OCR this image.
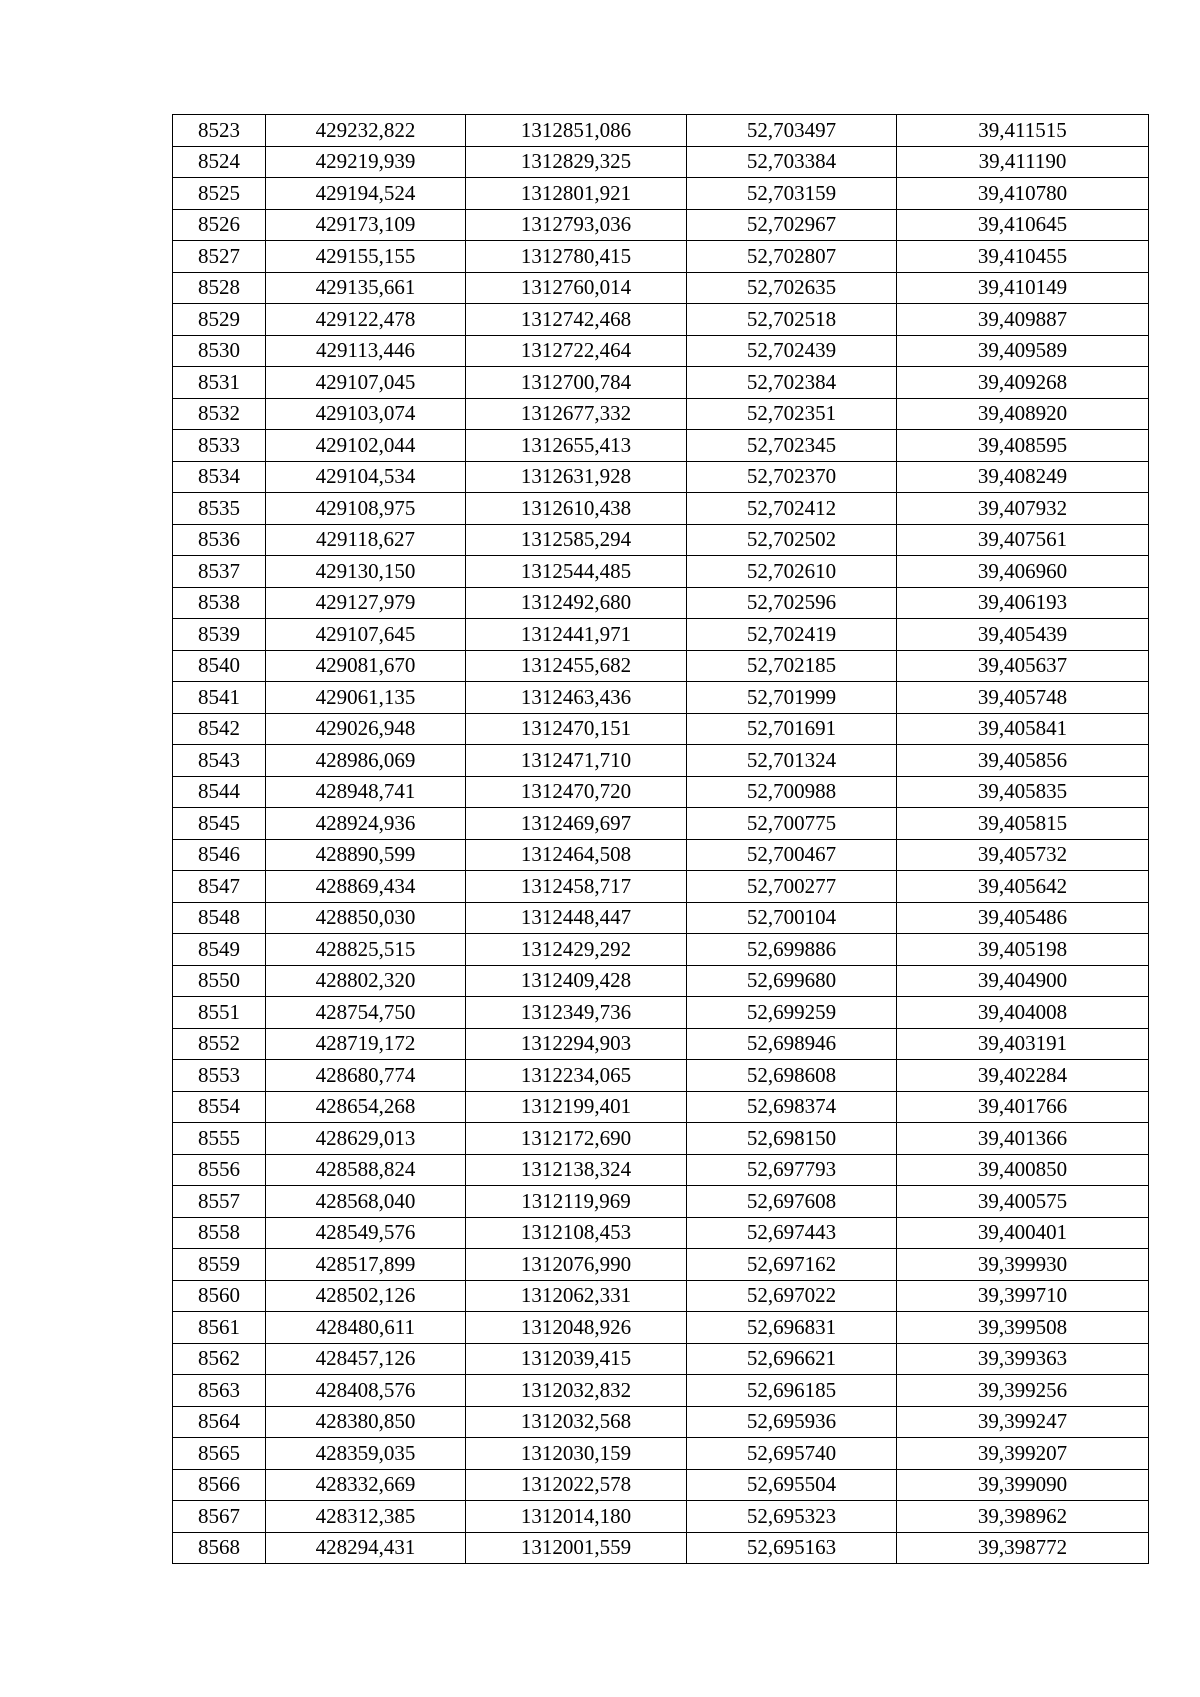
8523	429232,822	1312851,086	52,703497	39,411515
8524	429219,939	1312829,325	52,703384	39,411190
8525	429194,524	1312801,921	52,703159	39,410780
8526	429173,109	1312793,036	52,702967	39,410645
8527	429155,155	1312780,415	52,702807	39,410455
8528	429135,661	1312760,014	52,702635	39,410149
8529	429122,478	1312742,468	52,702518	39,409887
8530	429113,446	1312722,464	52,702439	39,409589
8531	429107,045	1312700,784	52,702384	39,409268
8532	429103,074	1312677,332	52,702351	39,408920
8533	429102,044	1312655,413	52,702345	39,408595
8534	429104,534	1312631,928	52,702370	39,408249
8535	429108,975	1312610,438	52,702412	39,407932
8536	429118,627	1312585,294	52,702502	39,407561
8537	429130,150	1312544,485	52,702610	39,406960
8538	429127,979	1312492,680	52,702596	39,406193
8539	429107,645	1312441,971	52,702419	39,405439
8540	429081,670	1312455,682	52,702185	39,405637
8541	429061,135	1312463,436	52,701999	39,405748
8542	429026,948	1312470,151	52,701691	39,405841
8543	428986,069	1312471,710	52,701324	39,405856
8544	428948,741	1312470,720	52,700988	39,405835
8545	428924,936	1312469,697	52,700775	39,405815
8546	428890,599	1312464,508	52,700467	39,405732
8547	428869,434	1312458,717	52,700277	39,405642
8548	428850,030	1312448,447	52,700104	39,405486
8549	428825,515	1312429,292	52,699886	39,405198
8550	428802,320	1312409,428	52,699680	39,404900
8551	428754,750	1312349,736	52,699259	39,404008
8552	428719,172	1312294,903	52,698946	39,403191
8553	428680,774	1312234,065	52,698608	39,402284
8554	428654,268	1312199,401	52,698374	39,401766
8555	428629,013	1312172,690	52,698150	39,401366
8556	428588,824	1312138,324	52,697793	39,400850
8557	428568,040	1312119,969	52,697608	39,400575
8558	428549,576	1312108,453	52,697443	39,400401
8559	428517,899	1312076,990	52,697162	39,399930
8560	428502,126	1312062,331	52,697022	39,399710
8561	428480,611	1312048,926	52,696831	39,399508
8562	428457,126	1312039,415	52,696621	39,399363
8563	428408,576	1312032,832	52,696185	39,399256
8564	428380,850	1312032,568	52,695936	39,399247
8565	428359,035	1312030,159	52,695740	39,399207
8566	428332,669	1312022,578	52,695504	39,399090
8567	428312,385	1312014,180	52,695323	39,398962
8568	428294,431	1312001,559	52,695163	39,398772
